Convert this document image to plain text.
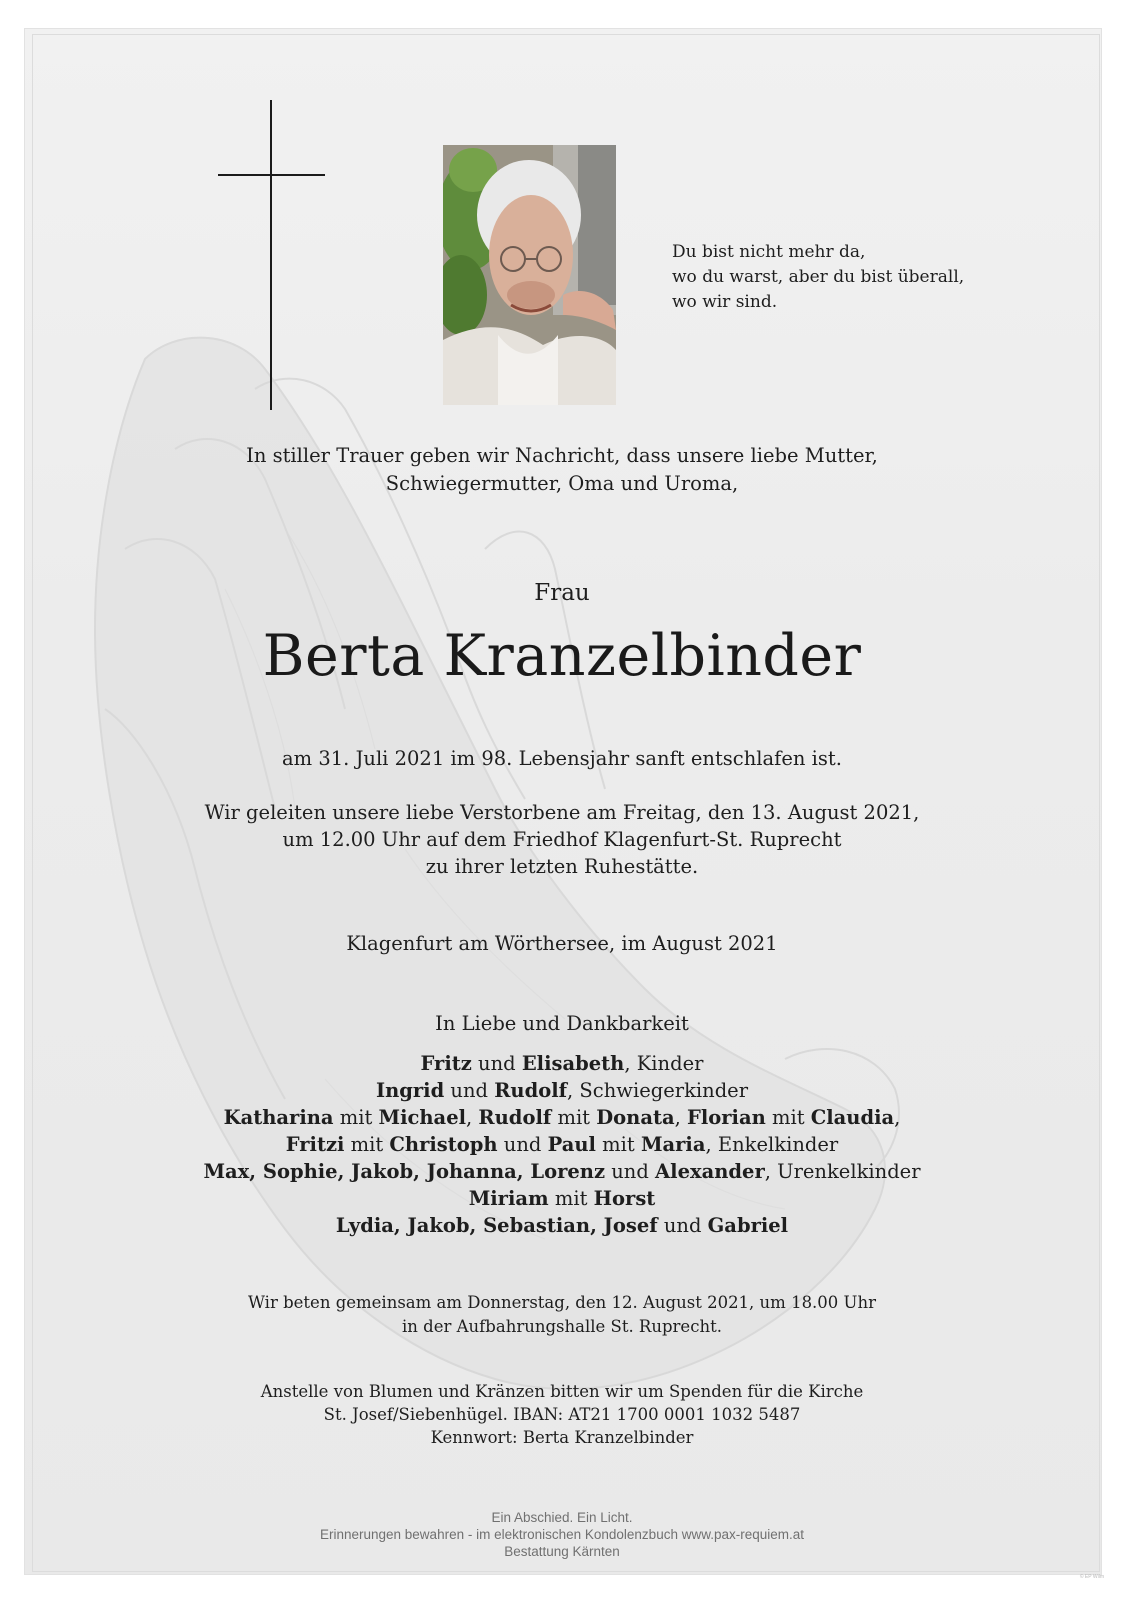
Du bist nicht mehr da,
wo du warst, aber du bist überall,
wo wir sind.
In stiller Trauer geben wir Nachricht, dass unsere liebe Mutter,
Schwiegermutter, Oma und Uroma,
Frau
Berta Kranzelbinder
am 31. Juli 2021 im 98. Lebensjahr sanft entschlafen ist.
Wir geleiten unsere liebe Verstorbene am Freitag, den 13. August 2021,
um 12.00 Uhr auf dem Friedhof Klagenfurt-St. Ruprecht
zu ihrer letzten Ruhestätte.
Klagenfurt am Wörthersee, im August 2021
In Liebe und Dankbarkeit
Fritz und Elisabeth, Kinder
Ingrid und Rudolf, Schwiegerkinder
Katharina mit Michael, Rudolf mit Donata, Florian mit Claudia,
Fritzi mit Christoph und Paul mit Maria, Enkelkinder
Max, Sophie, Jakob, Johanna, Lorenz und Alexander, Urenkelkinder
Miriam mit Horst
Lydia, Jakob, Sebastian, Josef und Gabriel
Wir beten gemeinsam am Donnerstag, den 12. August 2021, um 18.00 Uhr
in der Aufbahrungshalle St. Ruprecht.
Anstelle von Blumen und Kränzen bitten wir um Spenden für die Kirche
St. Josef/Siebenhügel. IBAN: AT21 1700 0001 1032 5487
Kennwort: Berta Kranzelbinder
Ein Abschied. Ein Licht.
Erinnerungen bewahren - im elektronischen Kondolenzbuch www.pax-requiem.at
Bestattung Kärnten
© EP Wilm
